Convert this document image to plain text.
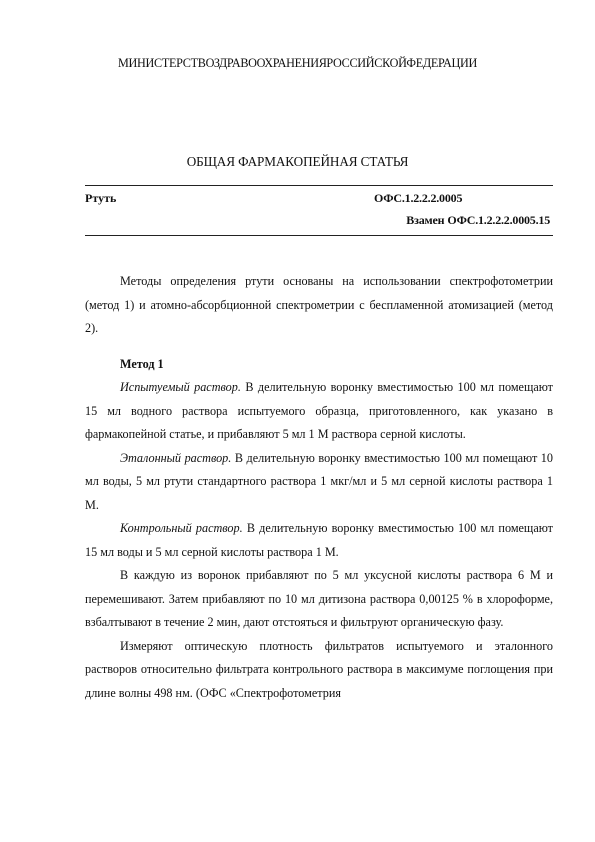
МИНИСТЕРСТВО ЗДРАВООХРАНЕНИЯ РОССИЙСКОЙ ФЕДЕРАЦИИ
ОБЩАЯ ФАРМАКОПЕЙНАЯ СТАТЬЯ
Ртуть	ОФС.1.2.2.2.0005
Взамен ОФС.1.2.2.2.0005.15

Методы определения ртути основаны на использовании спектрофотометрии (метод 1) и атомно-абсорбционной спектрометрии с беспламенной атомизацией (метод 2).

Метод 1

Испытуемый раствор. В делительную воронку вместимостью 100 мл помещают 15 мл водного раствора испытуемого образца, приготовленного, как указано в фармакопейной статье, и прибавляют 5 мл 1 М раствора серной кислоты.

Эталонный раствор. В делительную воронку вместимостью 100 мл помещают 10 мл воды, 5 мл ртути стандартного раствора 1 мкг/мл и 5 мл серной кислоты раствора 1 М.

Контрольный раствор. В делительную воронку вместимостью 100 мл помещают 15 мл воды и 5 мл серной кислоты раствора 1 М.

В каждую из воронок прибавляют по 5 мл уксусной кислоты раствора 6 М и перемешивают. Затем прибавляют по 10 мл дитизона раствора 0,00125 % в хлороформе, взбалтывают в течение 2 мин, дают отстояться и фильтруют органическую фазу.

Измеряют оптическую плотность фильтратов испытуемого и эталонного растворов относительно фильтрата контрольного раствора в максимуме поглощения при длине волны 498 нм. (ОФС «Спектрофотометрия
